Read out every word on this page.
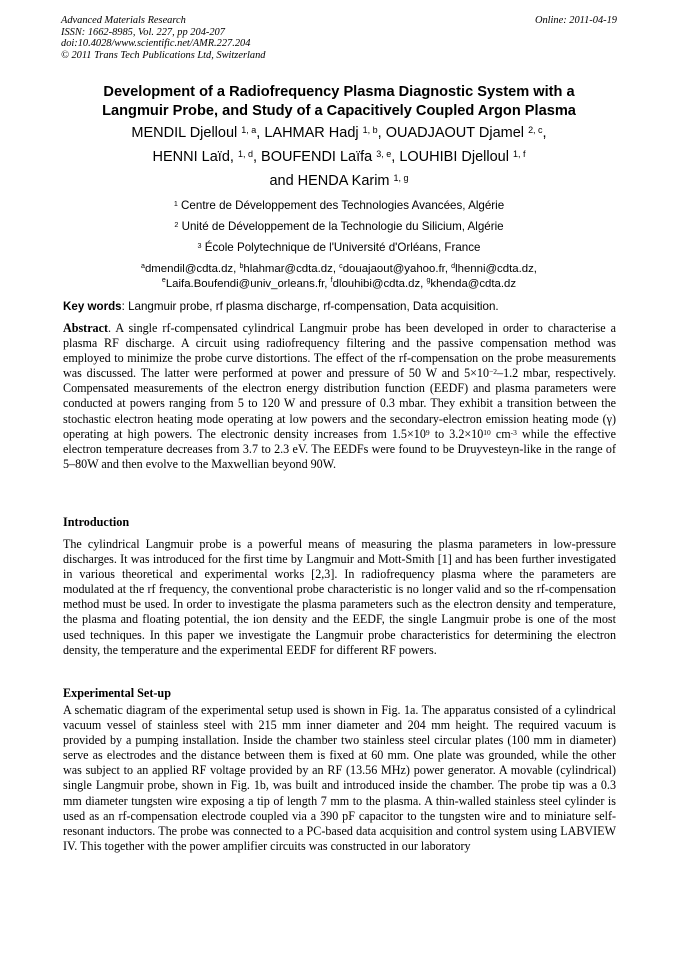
Advanced Materials Research
ISSN: 1662-8985, Vol. 227, pp 204-207
doi:10.4028/www.scientific.net/AMR.227.204
© 2011 Trans Tech Publications Ltd, Switzerland
Online: 2011-04-19
Development of a Radiofrequency Plasma Diagnostic System with a
Langmuir Probe, and Study of a Capacitively Coupled Argon Plasma
MENDIL Djelloul $^{1, a}$, LAHMAR Hadj $^{1, b}$, OUADJAOUT Djamel $^{2, c}$,
HENNI Laïd, $^{1, d}$, BOUFENDI Laïfa $^{3, e}$, LOUHIBI Djelloul $^{1, f}$
and HENDA Karim $^{1, g}$
$^1$ Centre de Développement des Technologies Avancées, Algérie
$^2$ Unité de Développement de la Technologie du Silicium, Algérie
$^3$ École Polytechnique de l'Université d'Orléans, France
$^a$dmendil@cdta.dz, $^b$hlahmar@cdta.dz, $^c$douajaout@yahoo.fr, $^d$lhenni@cdta.dz,
$^e$Laifa.Boufendi@univ_orleans.fr, $^f$dlouhibi@cdta.dz, $^g$khenda@cdta.dz
Key words: Langmuir probe, rf plasma discharge, rf-compensation, Data acquisition.
Abstract. A single rf-compensated cylindrical Langmuir probe has been developed in order to characterise a plasma RF discharge. A circuit using radiofrequency filtering and the passive compensation method was employed to minimize the probe curve distortions. The effect of the rf-compensation on the probe measurements was discussed. The latter were performed at power and pressure of 50 W and $5\times 10^{-2}-1.2$ mbar, respectively. Compensated measurements of the electron energy distribution function (EEDF) and plasma parameters were conducted at powers ranging from 5 to 120 W and pressure of 0.3 mbar. They exhibit a transition between the stochastic electron heating mode operating at low powers and the secondary-electron emission heating mode (γ) operating at high powers. The electronic density increases from $1.5\times 10^9$ to $3.2\times 10^{10}$ $cm^{-3}$ while the effective electron temperature decreases from 3.7 to 2.3 eV. The EEDFs were found to be Druyvesteyn-like in the range of 5–80W and then evolve to the Maxwellian beyond 90W.
Introduction
The cylindrical Langmuir probe is a powerful means of measuring the plasma parameters in low-pressure discharges. It was introduced for the first time by Langmuir and Mott-Smith [1] and has been further investigated in various theoretical and experimental works [2,3]. In radiofrequency plasma where the parameters are modulated at the rf frequency, the conventional probe characteristic is no longer valid and so the rf-compensation method must be used. In order to investigate the plasma parameters such as the electron density and temperature, the plasma and floating potential, the ion density and the EEDF, the single Langmuir probe is one of the most used techniques. In this paper we investigate the Langmuir probe characteristics for determining the electron density, the temperature and the experimental EEDF for different RF powers.
Experimental Set-up
A schematic diagram of the experimental setup used is shown in Fig. 1a. The apparatus consisted of a cylindrical vacuum vessel of stainless steel with 215 mm inner diameter and 204 mm height. The required vacuum is provided by a pumping installation. Inside the chamber two stainless steel circular plates (100 mm in diameter) serve as electrodes and the distance between them is fixed at 60 mm. One plate was grounded, while the other was subject to an applied RF voltage provided by an RF (13.56 MHz) power generator. A movable (cylindrical) single Langmuir probe, shown in Fig. 1b, was built and introduced inside the chamber. The probe tip was a 0.3 mm diameter tungsten wire exposing a tip of length 7 mm to the plasma. A thin-walled stainless steel cylinder is used as an rf-compensation electrode coupled via a 390 pF capacitor to the tungsten wire and to miniature self-resonant inductors. The probe was connected to a PC-based data acquisition and control system using LABVIEW IV. This together with the power amplifier circuits was constructed in our laboratory
